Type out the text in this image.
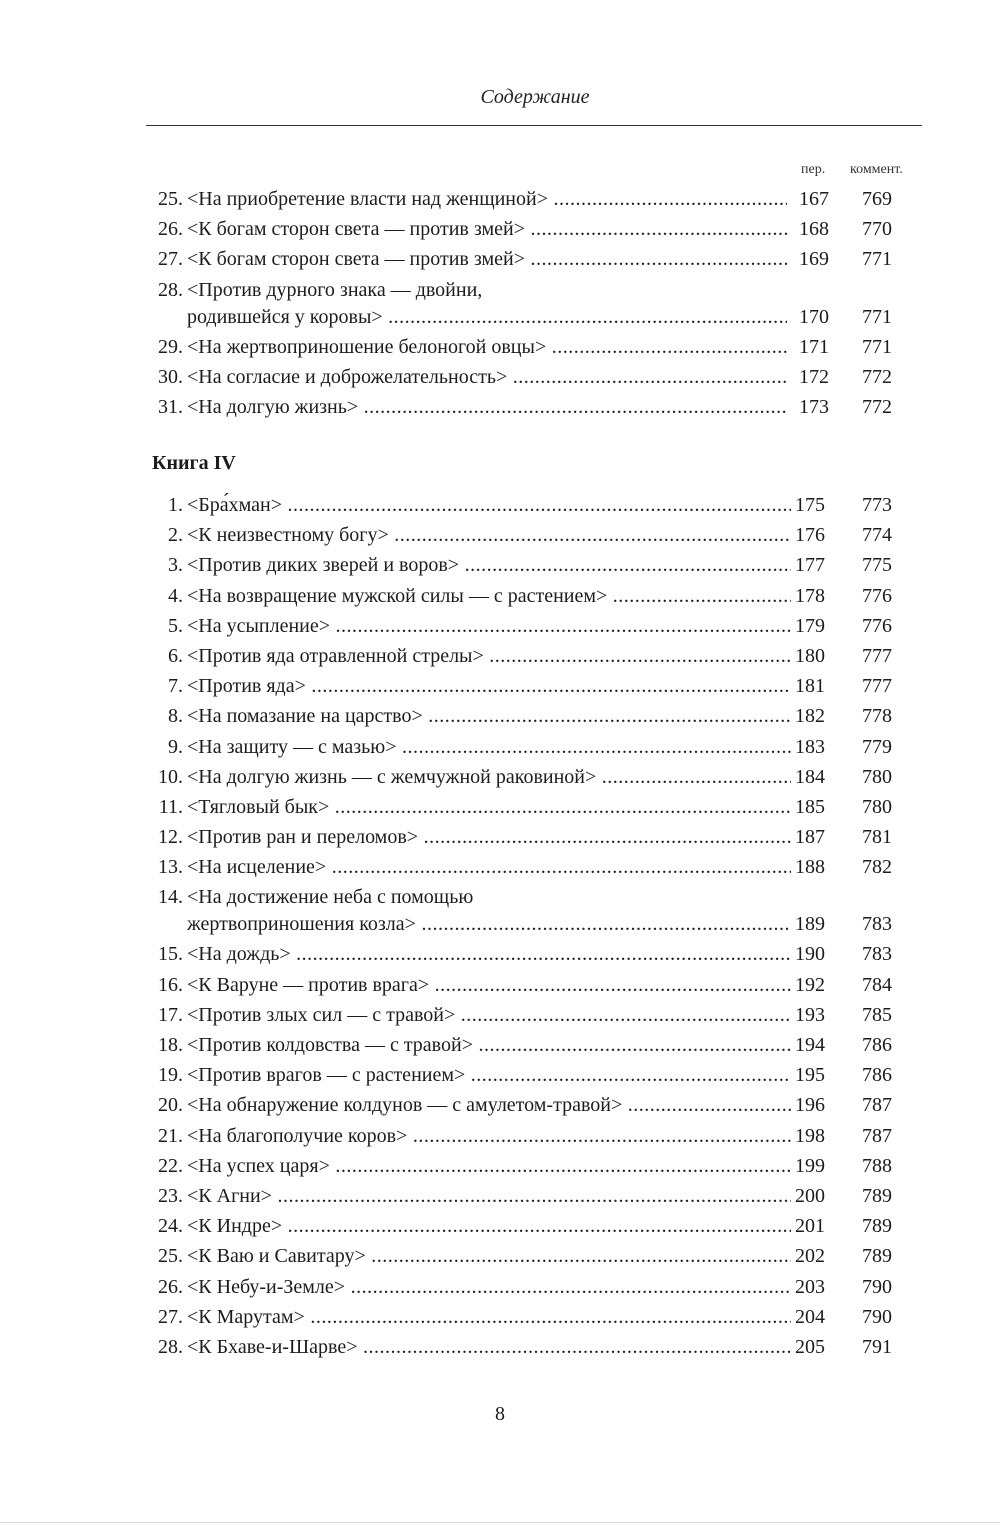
Содержание
пер. коммент.
25. <На приобретение власти над женщиной> .....	167 769
26. <К богам сторон света — против змей> .....	168 770
27. <К богам сторон света — против змей> .....	169 771
28. <Против дурного знака — двойни,
родившейся у коровы> .....	170 771
29. <На жертвоприношение белоногой овцы> .....	171 771
30. <На согласие и доброжелательность> .....	172 772
31. <На долгую жизнь> .....	173 772
Книга IV
1. <Бра́хман> .....	175 773
2. <К неизвестному богу> .....	176 774
3. <Против диких зверей и воров> .....	177 775
4. <На возвращение мужской силы — с растением> .....	178 776
5. <На усыпление> .....	179 776
6. <Против яда отравленной стрелы> .....	180 777
7. <Против яда> .....	181 777
8. <На помазание на царство> .....	182 778
9. <На защиту — с мазью> .....	183 779
10. <На долгую жизнь — с жемчужной раковиной> .....	184 780
11. <Тягловый бык> .....	185 780
12. <Против ран и переломов> .....	187 781
13. <На исцеление> .....	188 782
14. <На достижение неба с помощью
жертвоприношения козла> .....	189 783
15. <На дождь> .....	190 783
16. <К Варуне — против врага> .....	192 784
17. <Против злых сил — с травой> .....	193 785
18. <Против колдовства — с травой> .....	194 786
19. <Против врагов — с растением> .....	195 786
20. <На обнаружение колдунов — с амулетом-травой> .....	196 787
21. <На благополучие коров> .....	198 787
22. <На успех царя> .....	199 788
23. <К Агни> .....	200 789
24. <К Индре> .....	201 789
25. <К Ваю и Савитару> .....	202 789
26. <К Небу-и-Земле> .....	203 790
27. <К Марутам> .....	204 790
28. <К Бхаве-и-Шарве> .....	205 791
8
